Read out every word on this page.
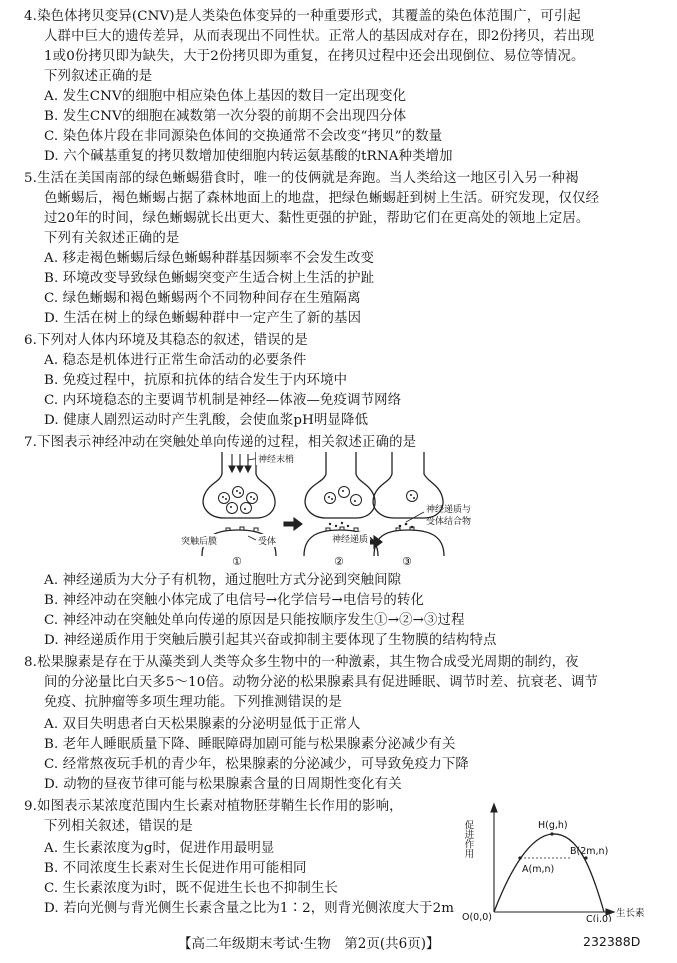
4.染色体拷贝变异(CNV)是人类染色体变异的一种重要形式，其覆盖的染色体范围广，可引起
人群中巨大的遗传差异，从而表现出不同性状。正常人的基因成对存在，即2份拷贝，若出现
1或0份拷贝即为缺失，大于2份拷贝即为重复，在拷贝过程中还会出现倒位、易位等情况。
下列叙述正确的是
A. 发生CNV的细胞中相应染色体上基因的数目一定出现变化
B. 发生CNV的细胞在减数第一次分裂的前期不会出现四分体
C. 染色体片段在非同源染色体间的交换通常不会改变“拷贝”的数量
D. 六个碱基重复的拷贝数增加使细胞内转运氨基酸的tRNA种类增加
5.生活在美国南部的绿色蜥蜴猎食时，唯一的伎俩就是奔跑。当人类给这一地区引入另一种褐
色蜥蜴后，褐色蜥蜴占据了森林地面上的地盘，把绿色蜥蜴赶到树上生活。研究发现，仅仅经
过20年的时间，绿色蜥蜴就长出更大、黏性更强的护趾，帮助它们在更高处的领地上定居。
下列有关叙述正确的是
A. 移走褐色蜥蜴后绿色蜥蜴种群基因频率不会发生改变
B. 环境改变导致绿色蜥蜴突变产生适合树上生活的护趾
C. 绿色蜥蜴和褐色蜥蜴两个不同物种间存在生殖隔离
D. 生活在树上的绿色蜥蜴种群中一定产生了新的基因
6.下列对人体内环境及其稳态的叙述，错误的是
A. 稳态是机体进行正常生命活动的必要条件
B. 免疫过程中，抗原和抗体的结合发生于内环境中
C. 内环境稳态的主要调节机制是神经—体液—免疫调节网络
D. 健康人剧烈运动时产生乳酸，会使血浆pH明显降低
7.下图表示神经冲动在突触处单向传递的过程，相关叙述正确的是
神经末梢
突触后膜	受体	神经递质
神经递质与
受体结合物
①	②	③
A. 神经递质为大分子有机物，通过胞吐方式分泌到突触间隙
B. 神经冲动在突触小体完成了电信号→化学信号→电信号的转化
C. 神经冲动在突触处单向传递的原因是只能按顺序发生①→②→③过程
D. 神经递质作用于突触后膜引起其兴奋或抑制主要体现了生物膜的结构特点
8.松果腺素是存在于从藻类到人类等众多生物中的一种激素，其生物合成受光周期的制约，夜
间的分泌量比白天多5～10倍。动物分泌的松果腺素具有促进睡眠、调节时差、抗衰老、调节
免疫、抗肿瘤等多项生理功能。下列推测错误的是
A. 双目失明患者白天松果腺素的分泌明显低于正常人
B. 老年人睡眠质量下降、睡眠障碍加剧可能与松果腺素分泌减少有关
C. 经常熬夜玩手机的青少年，松果腺素的分泌减少，可导致免疫力下降
D. 动物的昼夜节律可能与松果腺素含量的日周期性变化有关
9.如图表示某浓度范围内生长素对植物胚芽鞘生长作用的影响，
下列相关叙述，错误的是
A. 生长素浓度为g时，促进作用最明显
B. 不同浓度生长素对生长促进作用可能相同
C. 生长素浓度为i时，既不促进生长也不抑制生长
D. 若向光侧与背光侧生长素含量之比为1∶2，则背光侧浓度大于2m
促进作用	H(g,h)
A(m,n)
B(2m,n)
O(0,0)	C(i,0)
生长素
【高二年级期末考试·生物　第2页(共6页)】	232388D
